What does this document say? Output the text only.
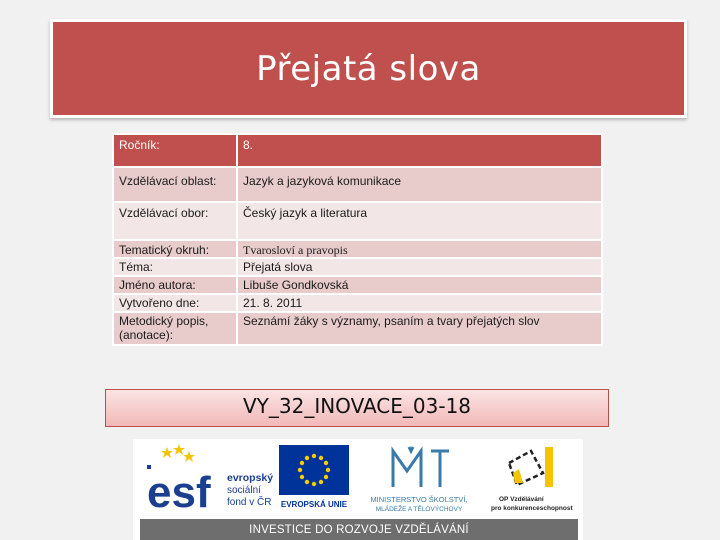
Přejatá slova
Ročník:	8.
Vzdělávací oblast:	Jazyk a jazyková komunikace
Vzdělávací obor:	Český jazyk a literatura
Tematický okruh:	Tvarosloví a pravopis
Téma:	Přejatá slova
Jméno autora:	Libuše Gondkovská
Vytvořeno dne:	21. 8. 2011
Metodický popis, (anotace):	Seznámí žáky s významy, psaním a tvary přejatých slov
VY_32_INOVACE_03-18
esf evropský
sociální
fond v ČR EVROPSKÁ UNIE
MINISTERSTVO ŠKOLSTVÍ,
MLÁDEŽE A TĚLOVÝCHOVY
OP Vzdělávání
pro konkurenceschopnost
INVESTICE DO ROZVOJE VZDĚLÁVÁNÍ
